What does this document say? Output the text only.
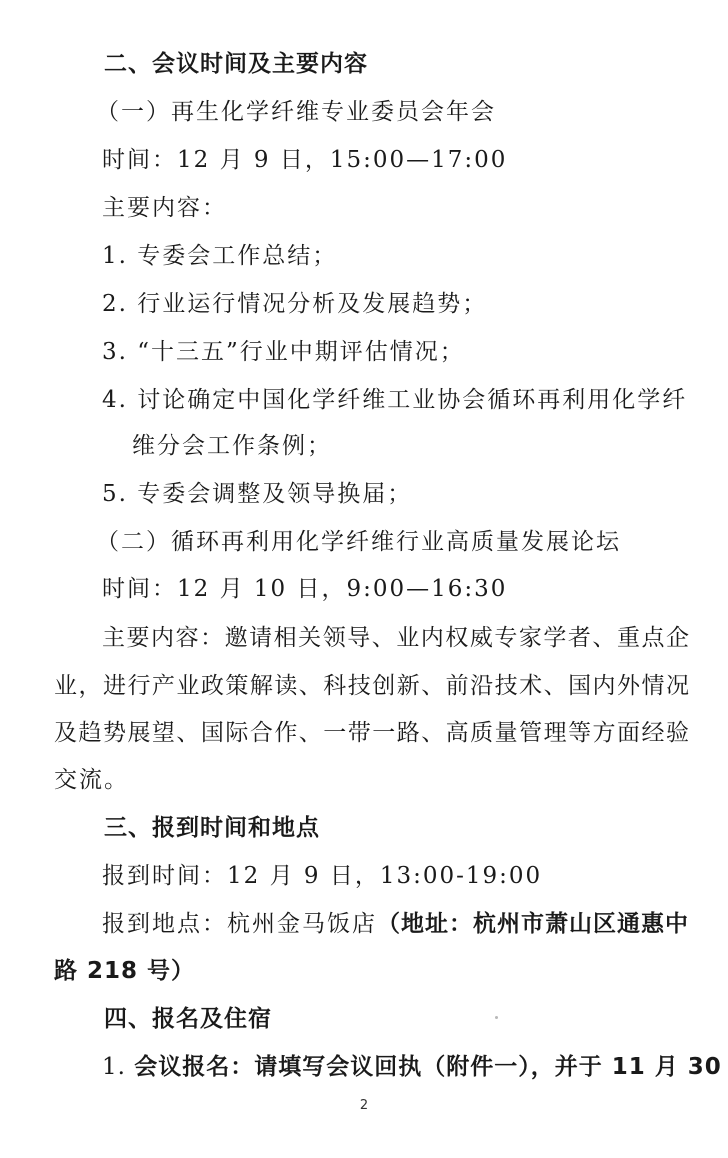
二、会议时间及主要内容
（一）再生化学纤维专业委员会年会
时间：12 月 9 日，15:00—17:00
主要内容：
1. 专委会工作总结；
2. 行业运行情况分析及发展趋势；
3. “十三五”行业中期评估情况；
4. 讨论确定中国化学纤维工业协会循环再利用化学纤
维分会工作条例；
5. 专委会调整及领导换届；
（二）循环再利用化学纤维行业高质量发展论坛
时间：12 月 10 日，9:00—16:30
主要内容：邀请相关领导、业内权威专家学者、重点企
业，进行产业政策解读、科技创新、前沿技术、国内外情况
及趋势展望、国际合作、一带一路、高质量管理等方面经验
交流。
三、报到时间和地点
报到时间：12 月 9 日，13:00-19:00
报到地点：杭州金马饭店（地址：杭州市萧山区通惠中
路 218 号）
四、报名及住宿
1. 会议报名：请填写会议回执（附件一），并于 11 月 30
2
